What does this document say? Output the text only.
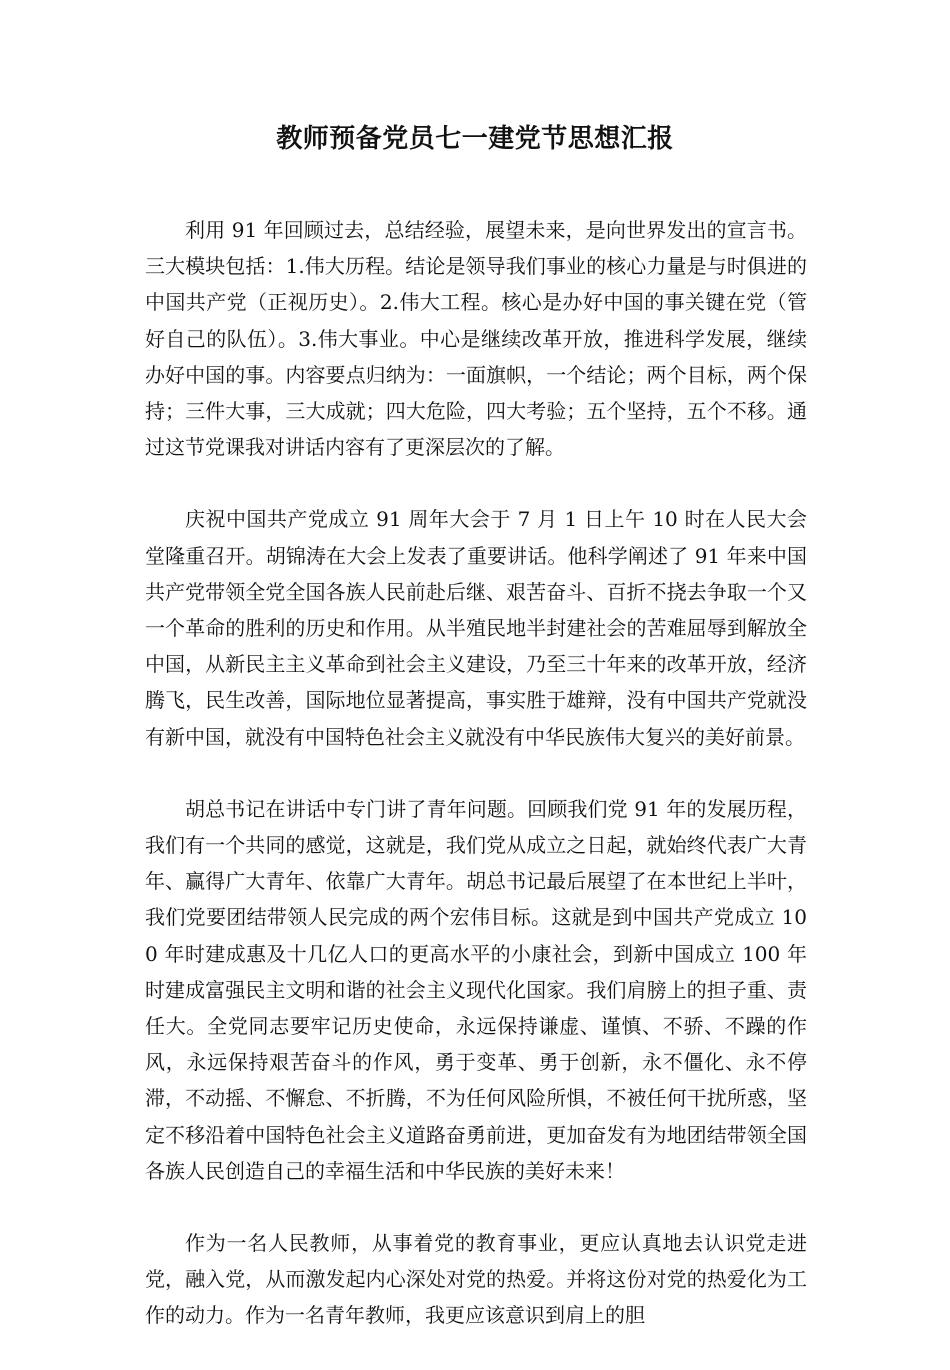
教师预备党员七一建党节思想汇报

利用 91 年回顾过去，总结经验，展望未来，是向世界发出的宣言书。三大模块包括：1.伟大历程。结论是领导我们事业的核心力量是与时俱进的中国共产党（正视历史）。2.伟大工程。核心是办好中国的事关键在党（管好自己的队伍）。3.伟大事业。中心是继续改革开放，推进科学发展，继续办好中国的事。内容要点归纳为：一面旗帜，一个结论；两个目标，两个保持；三件大事，三大成就；四大危险，四大考验；五个坚持，五个不移。通过这节党课我对讲话内容有了更深层次的了解。

庆祝中国共产党成立 91 周年大会于 7 月 1 日上午 10 时在人民大会堂隆重召开。胡锦涛在大会上发表了重要讲话。他科学阐述了 91 年来中国共产党带领全党全国各族人民前赴后继、艰苦奋斗、百折不挠去争取一个又一个革命的胜利的历史和作用。从半殖民地半封建社会的苦难屈辱到解放全中国，从新民主主义革命到社会主义建设，乃至三十年来的改革开放，经济腾飞，民生改善，国际地位显著提高，事实胜于雄辩，没有中国共产党就没有新中国，就没有中国特色社会主义就没有中华民族伟大复兴的美好前景。

胡总书记在讲话中专门讲了青年问题。回顾我们党 91 年的发展历程，我们有一个共同的感觉，这就是，我们党从成立之日起，就始终代表广大青年、赢得广大青年、依靠广大青年。胡总书记最后展望了在本世纪上半叶，我们党要团结带领人民完成的两个宏伟目标。这就是到中国共产党成立 100 年时建成惠及十几亿人口的更高水平的小康社会，到新中国成立 100 年时建成富强民主文明和谐的社会主义现代化国家。我们肩膀上的担子重、责任大。全党同志要牢记历史使命，永远保持谦虚、谨慎、不骄、不躁的作风，永远保持艰苦奋斗的作风，勇于变革、勇于创新，永不僵化、永不停滞，不动摇、不懈怠、不折腾，不为任何风险所惧，不被任何干扰所惑，坚定不移沿着中国特色社会主义道路奋勇前进，更加奋发有为地团结带领全国各族人民创造自己的幸福生活和中华民族的美好未来！

作为一名人民教师，从事着党的教育事业，更应认真地去认识党走进党，融入党，从而激发起内心深处对党的热爱。并将这份对党的热爱化为工作的动力。作为一名青年教师，我更应该意识到肩上的胆
